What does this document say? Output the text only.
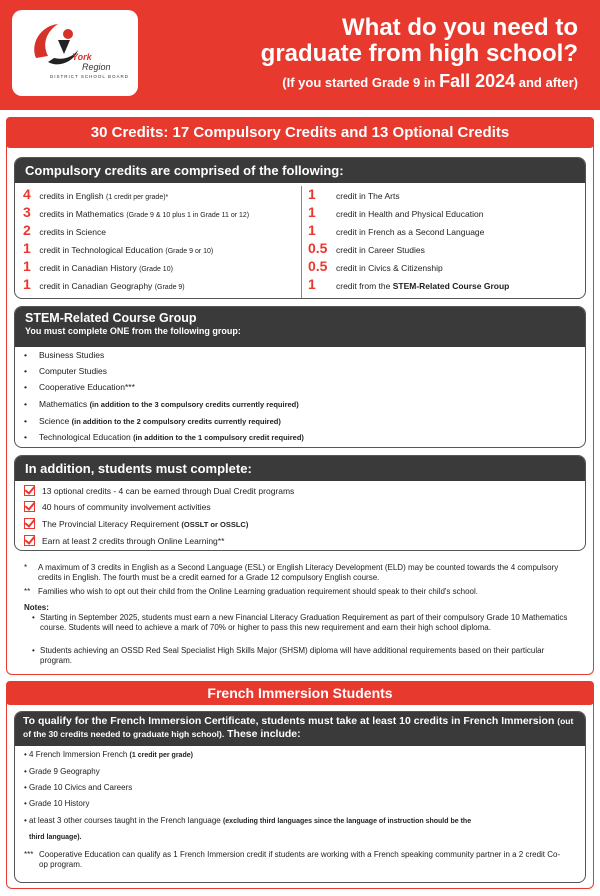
York
Region
DISTRICT SCHOOL BOARD
What do you need to
graduate from high school?
(If you started Grade 9 in Fall 2024 and after)
30 Credits: 17 Compulsory Credits and 13 Optional Credits
Compulsory credits are comprised of the following:
4 credits in English (1 credit per grade)*
3 credits in Mathematics (Grade 9 & 10 plus 1 in Grade 11 or 12)
2 credits in Science
1 credit in Technological Education (Grade 9 or 10)
1 credit in Canadian History (Grade 10)
1 credit in Canadian Geography (Grade 9)
1 credit in The Arts
1 credit in Health and Physical Education
1 credit in French as a Second Language
0.5 credit in Career Studies
0.5 credit in Civics & Citizenship
1 credit from the STEM-Related Course Group
STEM-Related Course Group
You must complete ONE from the following group:
• Business Studies
• Computer Studies
• Cooperative Education***
• Mathematics (in addition to the 3 compulsory credits currently required)
• Science (in addition to the 2 compulsory credits currently required)
• Technological Education (in addition to the 1 compulsory credit required)
In addition, students must complete:
13 optional credits - 4 can be earned through Dual Credit programs
40 hours of community involvement activities
The Provincial Literacy Requirement (OSSLT or OSSLC)
Earn at least 2 credits through Online Learning**
* A maximum of 3 credits in English as a Second Language (ESL) or English Literacy Development (ELD) may be counted towards the 4 compulsory credits in English. The fourth must be a credit earned for a Grade 12 compulsory English course.
** Families who wish to opt out their child from the Online Learning graduation requirement should speak to their child's school.
Notes:
• Starting in September 2025, students must earn a new Financial Literacy Graduation Requirement as part of their compulsory Grade 10 Mathematics course. Students will need to achieve a mark of 70% or higher to pass this new requirement and earn their high school diploma.
• Students achieving an OSSD Red Seal Specialist High Skills Major (SHSM) diploma will have additional requirements based on their particular program.
French Immersion Students
To qualify for the French Immersion Certificate, students must take at least 10 credits in French Immersion (out of the 30 credits needed to graduate high school). These include:
• 4 French Immersion French (1 credit per grade)
• Grade 9 Geography
• Grade 10 Civics and Careers
• Grade 10 History
• at least 3 other courses taught in the French language (excluding third languages since the language of instruction should be the
third language).
*** Cooperative Education can qualify as 1 French Immersion credit if students are working with a French speaking community partner in a 2 credit Co-op program.
